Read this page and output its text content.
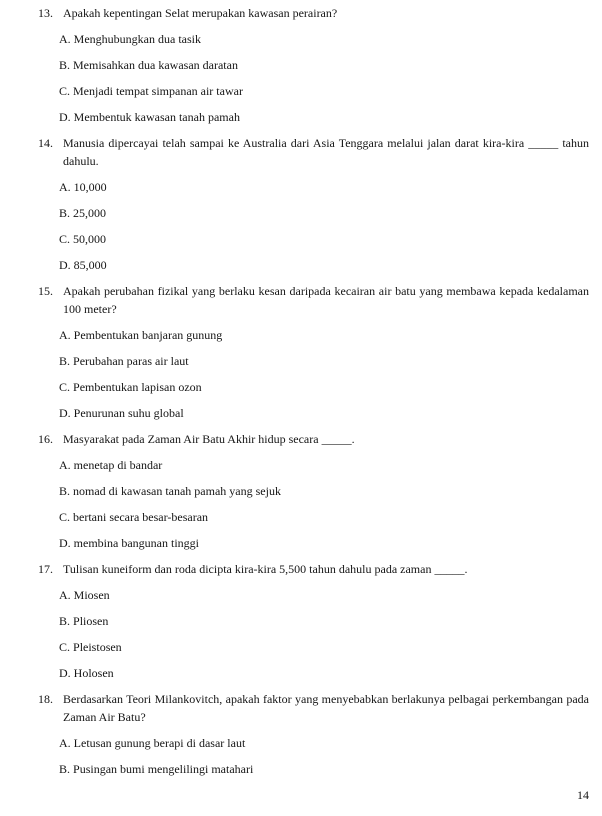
13. Apakah kepentingan Selat merupakan kawasan perairan?
A. Menghubungkan dua tasik
B. Memisahkan dua kawasan daratan
C. Menjadi tempat simpanan air tawar
D. Membentuk kawasan tanah pamah
14. Manusia dipercayai telah sampai ke Australia dari Asia Tenggara melalui jalan darat kira-kira _____ tahun dahulu.
A. 10,000
B. 25,000
C. 50,000
D. 85,000
15. Apakah perubahan fizikal yang berlaku kesan daripada kecairan air batu yang membawa kepada kedalaman 100 meter?
A. Pembentukan banjaran gunung
B. Perubahan paras air laut
C. Pembentukan lapisan ozon
D. Penurunan suhu global
16. Masyarakat pada Zaman Air Batu Akhir hidup secara _____.
A. menetap di bandar
B. nomad di kawasan tanah pamah yang sejuk
C. bertani secara besar-besaran
D. membina bangunan tinggi
17. Tulisan kuneiform dan roda dicipta kira-kira 5,500 tahun dahulu pada zaman _____.
A. Miosen
B. Pliosen
C. Pleistosen
D. Holosen
18. Berdasarkan Teori Milankovitch, apakah faktor yang menyebabkan berlakunya pelbagai perkembangan pada Zaman Air Batu?
A. Letusan gunung berapi di dasar laut
B. Pusingan bumi mengelilingi matahari
14
